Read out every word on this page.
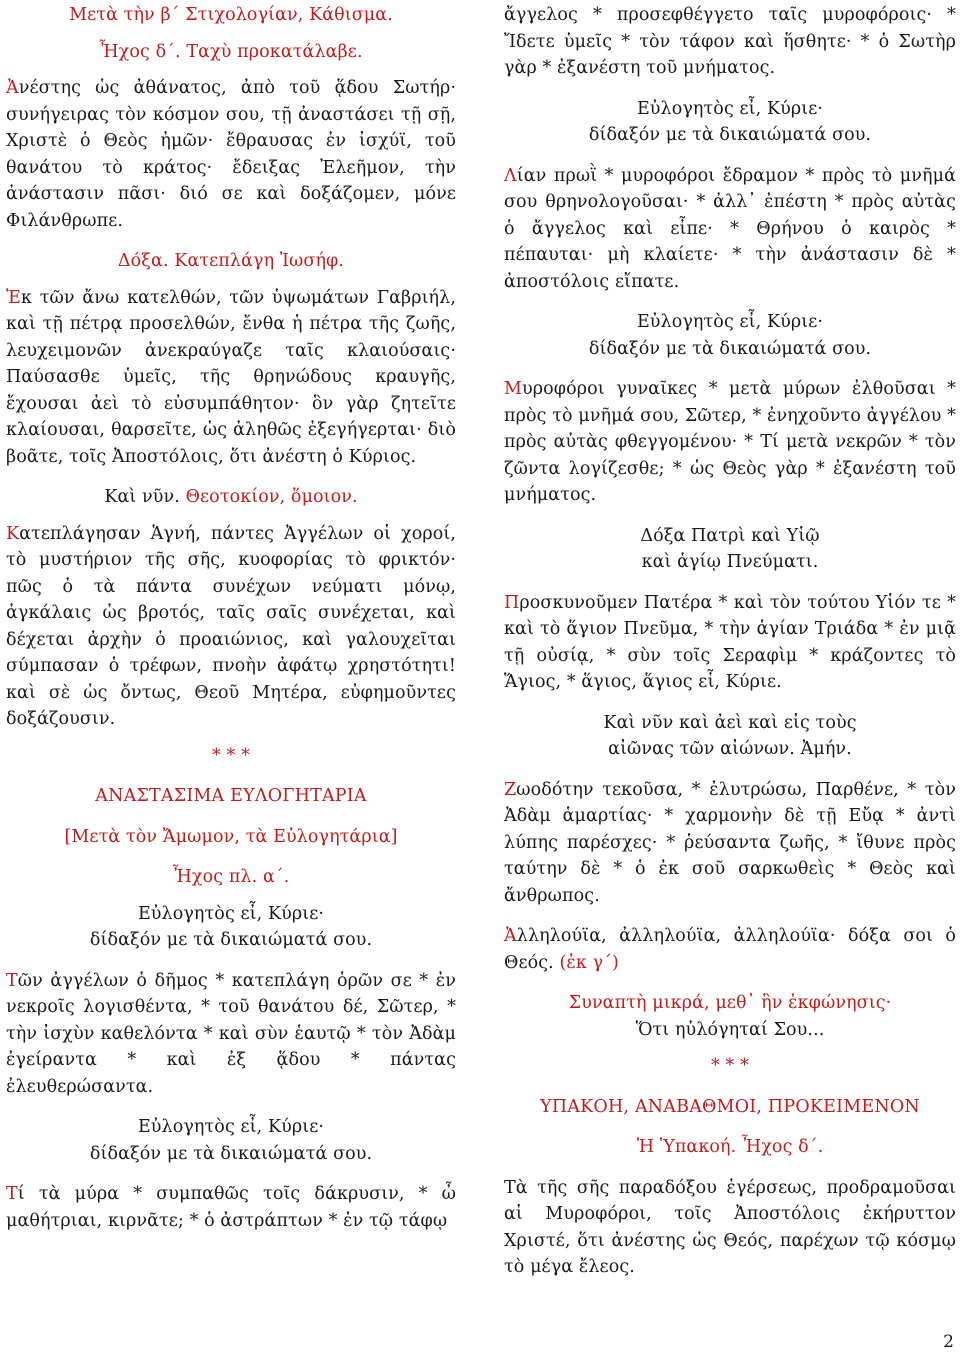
Μετὰ τὴν β΄ Στιχολογίαν, Κάθισμα.
Ἦχος δ΄. Ταχὺ προκατάλαβε.

Ἀνέστης ὡς ἀθάνατος, ἀπὸ τοῦ ᾅδου Σωτήρ· συνήγειρας τὸν κόσμον σου, τῇ ἀναστάσει τῇ σῇ, Χριστὲ ὁ Θεὸς ἡμῶν· ἔθραυσας ἐν ἰσχύϊ, τοῦ θανάτου τὸ κράτος· ἔδειξας Ἐλεῆμον, τὴν ἀνάστασιν πᾶσι· διό σε καὶ δοξάζομεν, μόνε Φιλάνθρωπε.

Δόξα. Κατεπλάγη Ἰωσήφ.

Ἐκ τῶν ἄνω κατελθών, τῶν ὑψωμάτων Γαβριήλ, καὶ τῇ πέτρᾳ προσελθών, ἔνθα ἡ πέτρα τῆς ζωῆς, λευχειμονῶν ἀνεκραύγαζε ταῖς κλαιούσαις· Παύσασθε ὑμεῖς, τῆς θρηνώδους κραυγῆς, ἔχουσαι ἀεὶ τὸ εὐσυμπάθητον· ὃν γὰρ ζητεῖτε κλαίουσαι, θαρσεῖτε, ὡς ἀληθῶς ἐξεγήγερται· διὸ βοᾶτε, τοῖς Ἀποστόλοις, ὅτι ἀνέστη ὁ Κύριος.

Καὶ νῦν. Θεοτοκίον, ὅμοιον.

Κατεπλάγησαν Ἁγνή, πάντες Ἀγγέλων οἱ χοροί, τὸ μυστήριον τῆς σῆς, κυοφορίας τὸ φρικτόν· πῶς ὁ τὰ πάντα συνέχων νεύματι μόνῳ, ἀγκάλαις ὡς βροτός, ταῖς σαῖς συνέχεται, καὶ δέχεται ἀρχὴν ὁ προαιώνιος, καὶ γαλουχεῖται σύμπασαν ὁ τρέφων, πνοὴν ἀφάτῳ χρηστότητι! καὶ σὲ ὡς ὄντως, Θεοῦ Μητέρα, εὐφημοῦντες δοξάζουσιν.

* * *
ΑΝΑΣΤΑΣΙΜΑ ΕΥΛΟΓΗΤΑΡΙΑ
[Μετὰ τὸν Ἄμωμον, τὰ Εὐλογητάρια]
Ἦχος πλ. α΄.
Εὐλογητὸς εἶ, Κύριε·
δίδαξόν με τὰ δικαιώματά σου.

Τῶν ἀγγέλων ὁ δῆμος * κατεπλάγη ὁρῶν σε * ἐν νεκροῖς λογισθέντα, * τοῦ θανάτου δέ, Σῶτερ, * τὴν ἰσχὺν καθελόντα * καὶ σὺν ἑαυτῷ * τὸν Ἀδὰμ ἐγείραντα * καὶ ἐξ ᾅδου * πάντας ἐλευθερώσαντα.

Εὐλογητὸς εἶ, Κύριε·
δίδαξόν με τὰ δικαιώματά σου.

Τί τὰ μύρα * συμπαθῶς τοῖς δάκρυσιν, * ὦ μαθήτριαι, κιρνᾶτε; * ὁ ἀστράπτων * ἐν τῷ τάφῳ

ἄγγελος * προσεφθέγγετο ταῖς μυροφόροις· * Ἴδετε ὑμεῖς * τὸν τάφον καὶ ἥσθητε· * ὁ Σωτὴρ γὰρ * ἐξανέστη τοῦ μνήματος.

Εὐλογητὸς εἶ, Κύριε·
δίδαξόν με τὰ δικαιώματά σου.

Λίαν πρωῒ * μυροφόροι ἔδραμον * πρὸς τὸ μνῆμά σου θρηνολογοῦσαι· * ἀλλ᾽ ἐπέστη * πρὸς αὐτὰς ὁ ἄγγελος καὶ εἶπε· * Θρήνου ὁ καιρὸς * πέπαυται· μὴ κλαίετε· * τὴν ἀνάστασιν δὲ * ἀποστόλοις εἴπατε.

Εὐλογητὸς εἶ, Κύριε·
δίδαξόν με τὰ δικαιώματά σου.

Μυροφόροι γυναῖκες * μετὰ μύρων ἐλθοῦσαι * πρὸς τὸ μνῆμά σου, Σῶτερ, * ἐνηχοῦντο ἀγγέλου * πρὸς αὐτὰς φθεγγομένου· * Τί μετὰ νεκρῶν * τὸν ζῶντα λογίζεσθε; * ὡς Θεὸς γὰρ * ἐξανέστη τοῦ μνήματος.

Δόξα Πατρὶ καὶ Υἱῷ
καὶ ἁγίῳ Πνεύματι.

Προσκυνοῦμεν Πατέρα * καὶ τὸν τούτου Υἱόν τε * καὶ τὸ ἅγιον Πνεῦμα, * τὴν ἁγίαν Τριάδα * ἐν μιᾷ τῇ οὐσίᾳ, * σὺν τοῖς Σεραφὶμ * κράζοντες τὸ Ἅγιος, * ἅγιος, ἅγιος εἶ, Κύριε.

Καὶ νῦν καὶ ἀεὶ καὶ εἰς τοὺς
αἰῶνας τῶν αἰώνων. Ἀμήν.

Ζωοδότην τεκοῦσα, * ἐλυτρώσω, Παρθένε, * τὸν Ἀδὰμ ἁμαρτίας· * χαρμονὴν δὲ τῇ Εὔᾳ * ἀντὶ λύπης παρέσχες· * ῥεύσαντα ζωῆς, * ἴθυνε πρὸς ταύτην δὲ * ὁ ἐκ σοῦ σαρκωθεὶς * Θεὸς καὶ ἄνθρωπος.

Ἀλληλούϊα, ἀλληλούϊα, ἀλληλούϊα· δόξα σοι ὁ Θεός. (ἐκ γ΄)

Συναπτὴ μικρά, μεθ᾽ ἣν ἐκφώνησις·
Ὅτι ηὐλόγηταί Σου...
* * *
ΥΠΑΚΟΗ, ΑΝΑΒΑΘΜΟΙ, ΠΡΟΚΕΙΜΕΝΟΝ
Ἡ Ὑπακοή. Ἦχος δ΄.

Τὰ τῆς σῆς παραδόξου ἐγέρσεως, προδραμοῦσαι αἱ Μυροφόροι, τοῖς Ἀποστόλοις ἐκήρυττον Χριστέ, ὅτι ἀνέστης ὡς Θεός, παρέχων τῷ κόσμῳ τὸ μέγα ἔλεος.

2
